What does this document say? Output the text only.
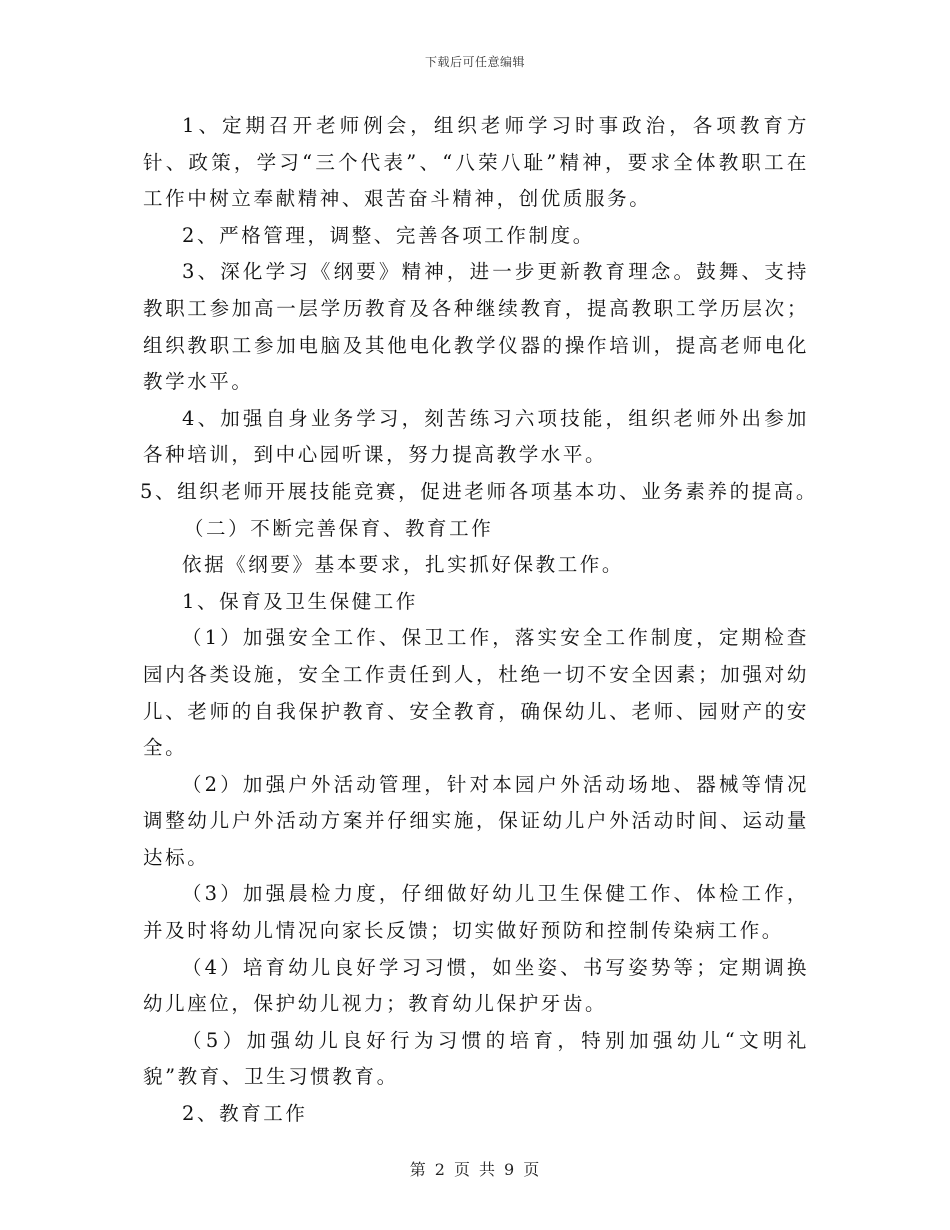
下载后可任意编辑

1、定期召开老师例会，组织老师学习时事政治，各项教育方针、政策，学习“三个代表”、“八荣八耻”精神，要求全体教职工在工作中树立奉献精神、艰苦奋斗精神，创优质服务。

2、严格管理，调整、完善各项工作制度。

3、深化学习《纲要》精神，进一步更新教育理念。鼓舞、支持教职工参加高一层学历教育及各种继续教育，提高教职工学历层次；组织教职工参加电脑及其他电化教学仪器的操作培训，提高老师电化教学水平。

4、加强自身业务学习，刻苦练习六项技能，组织老师外出参加各种培训，到中心园听课，努力提高教学水平。

5、组织老师开展技能竞赛，促进老师各项基本功、业务素养的提高。

（二）不断完善保育、教育工作

依据《纲要》基本要求，扎实抓好保教工作。

1、保育及卫生保健工作

（1）加强安全工作、保卫工作，落实安全工作制度，定期检查园内各类设施，安全工作责任到人，杜绝一切不安全因素；加强对幼儿、老师的自我保护教育、安全教育，确保幼儿、老师、园财产的安全。

（2）加强户外活动管理，针对本园户外活动场地、器械等情况调整幼儿户外活动方案并仔细实施，保证幼儿户外活动时间、运动量达标。

（3）加强晨检力度，仔细做好幼儿卫生保健工作、体检工作，并及时将幼儿情况向家长反馈；切实做好预防和控制传染病工作。

（4）培育幼儿良好学习习惯，如坐姿、书写姿势等；定期调换幼儿座位，保护幼儿视力；教育幼儿保护牙齿。

（5）加强幼儿良好行为习惯的培育，特别加强幼儿“文明礼貌”教育、卫生习惯教育。

2、教育工作

第 2 页 共 9 页
